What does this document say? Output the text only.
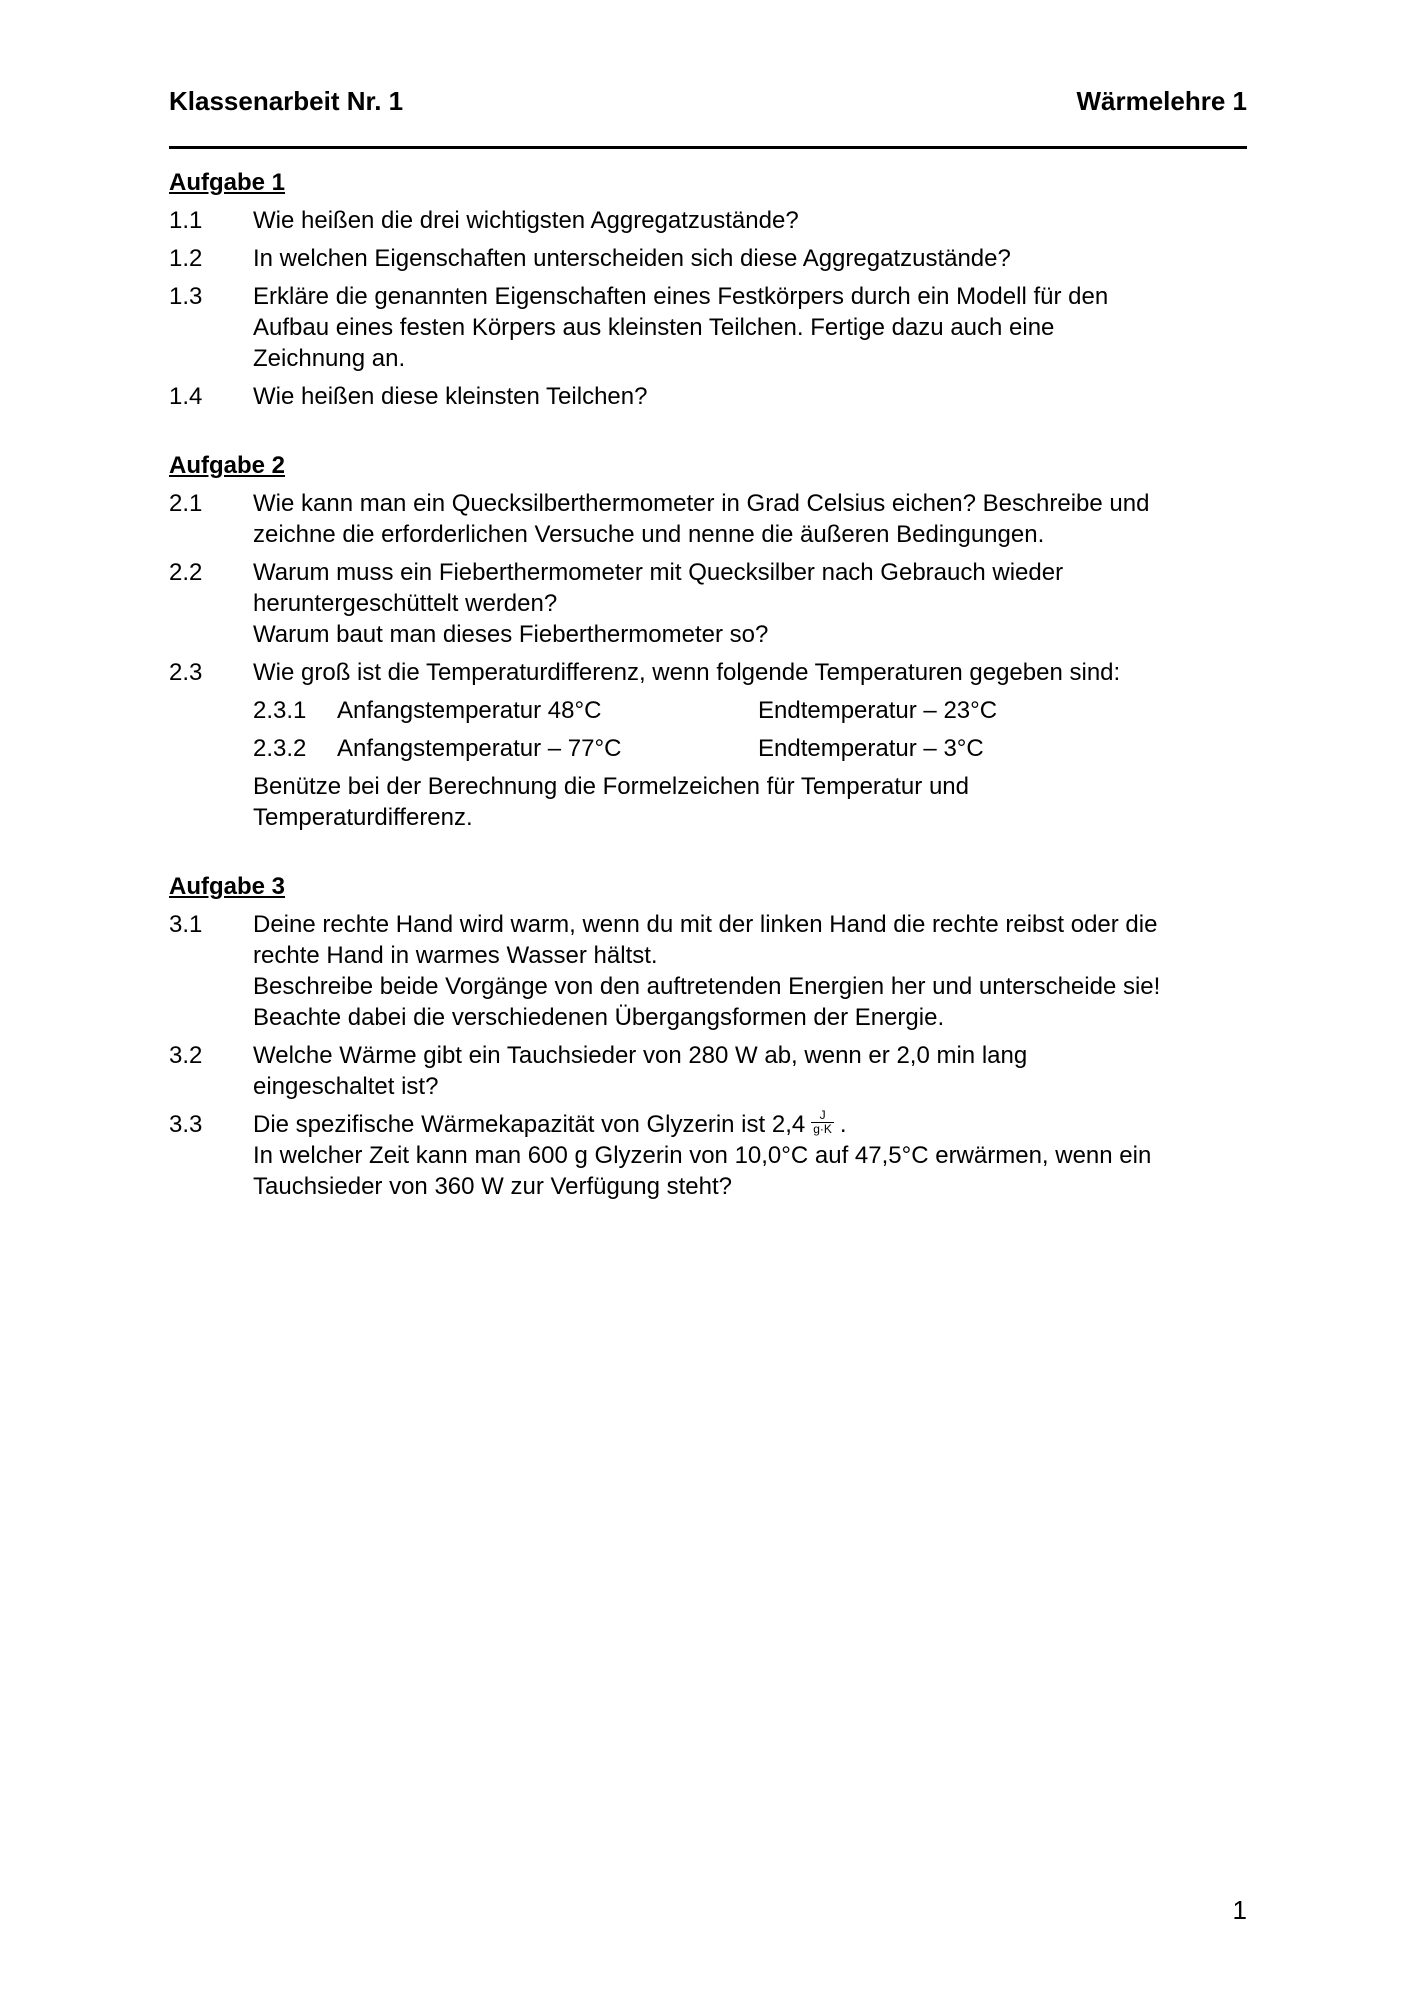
Klassenarbeit Nr. 1	Wärmelehre 1
Aufgabe 1
1.1	Wie heißen die drei wichtigsten Aggregatzustände?
1.2	In welchen Eigenschaften unterscheiden sich diese Aggregatzustände?
1.3	Erkläre die genannten Eigenschaften eines Festkörpers durch ein Modell für den
Aufbau eines festen Körpers aus kleinsten Teilchen. Fertige dazu auch eine
Zeichnung an.
1.4	Wie heißen diese kleinsten Teilchen?
Aufgabe 2
2.1	Wie kann man ein Quecksilberthermometer in Grad Celsius eichen? Beschreibe und
zeichne die erforderlichen Versuche und nenne die äußeren Bedingungen.
2.2	Warum muss ein Fieberthermometer mit Quecksilber nach Gebrauch wieder
heruntergeschüttelt werden?
Warum baut man dieses Fieberthermometer so?
2.3	Wie groß ist die Temperaturdifferenz, wenn folgende Temperaturen gegeben sind:
2.3.1	Anfangstemperatur 48°C	Endtemperatur – 23°C
2.3.2	Anfangstemperatur – 77°C	Endtemperatur – 3°C
Benütze bei der Berechnung die Formelzeichen für Temperatur und
Temperaturdifferenz.
Aufgabe 3
3.1	Deine rechte Hand wird warm, wenn du mit der linken Hand die rechte reibst oder die
rechte Hand in warmes Wasser hältst.
Beschreibe beide Vorgänge von den auftretenden Energien her und unterscheide sie!
Beachte dabei die verschiedenen Übergangsformen der Energie.
3.2	Welche Wärme gibt ein Tauchsieder von 280 W ab, wenn er 2,0 min lang
eingeschaltet ist?
3.3	Die spezifische Wärmekapazität von Glyzerin ist $2,4 \frac{J}{g\cdot K}$ .
In welcher Zeit kann man 600 g Glyzerin von 10,0°C auf 47,5°C erwärmen, wenn ein
Tauchsieder von 360 W zur Verfügung steht?
1
